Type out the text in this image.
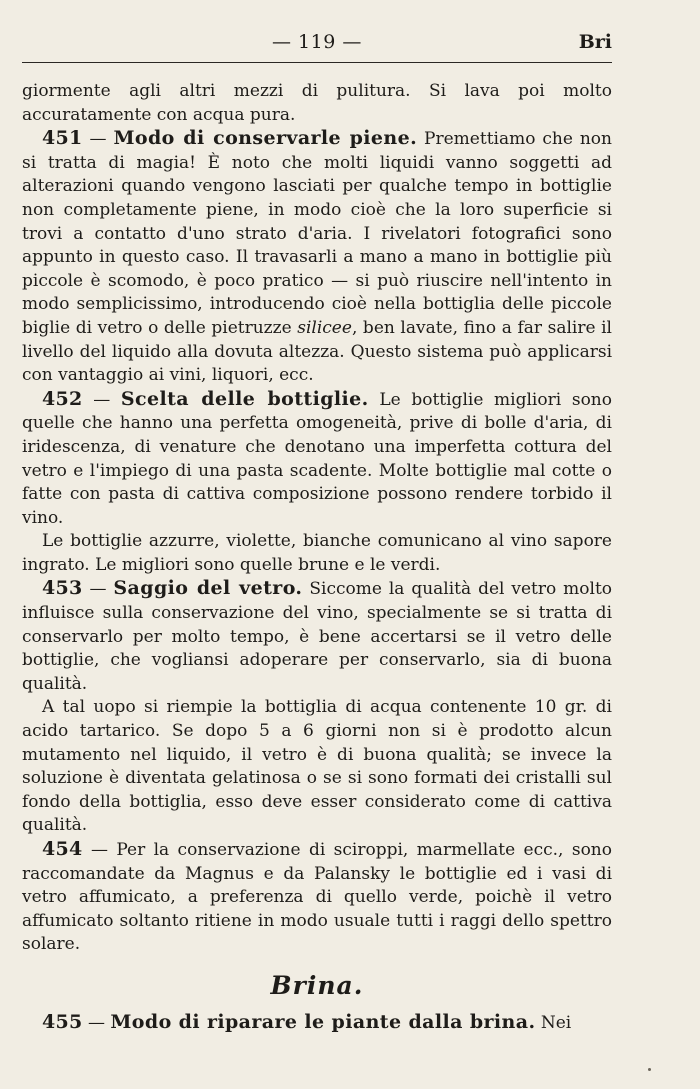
— 119 —	Bri

giormente agli altri mezzi di pulitura. Si lava poi molto accuratamente con acqua pura.

451 — Modo di conservarle piene. Premettiamo che non si tratta di magia! È noto che molti liquidi vanno soggetti ad alterazioni quando vengono lasciati per qualche tempo in bottiglie non completamente piene, in modo cioè che la loro superficie si trovi a contatto d'uno strato d'aria. I rivelatori fotografici sono appunto in questo caso. Il travasarli a mano a mano in bottiglie più piccole è scomodo, è poco pratico — si può riuscire nell'intento in modo semplicissimo, introducendo cioè nella bottiglia delle piccole biglie di vetro o delle pietruzze silicee, ben lavate, fino a far salire il livello del liquido alla dovuta altezza. Questo sistema può applicarsi con vantaggio ai vini, liquori, ecc.

452 — Scelta delle bottiglie. Le bottiglie migliori sono quelle che hanno una perfetta omogeneità, prive di bolle d'aria, di iridescenza, di venature che denotano una imperfetta cottura del vetro e l'impiego di una pasta scadente. Molte bottiglie mal cotte o fatte con pasta di cattiva composizione possono rendere torbido il vino.

Le bottiglie azzurre, violette, bianche comunicano al vino sapore ingrato. Le migliori sono quelle brune e le verdi.

453 — Saggio del vetro. Siccome la qualità del vetro molto influisce sulla conservazione del vino, specialmente se si tratta di conservarlo per molto tempo, è bene accertarsi se il vetro delle bottiglie, che vogliansi adoperare per conservarlo, sia di buona qualità.

A tal uopo si riempie la bottiglia di acqua contenente 10 gr. di acido tartarico. Se dopo 5 a 6 giorni non si è prodotto alcun mutamento nel liquido, il vetro è di buona qualità; se invece la soluzione è diventata gelatinosa o se si sono formati dei cristalli sul fondo della bottiglia, esso deve esser considerato come di cattiva qualità.

454 — Per la conservazione di sciroppi, marmellate ecc., sono raccomandate da Magnus e da Palansky le bottiglie ed i vasi di vetro affumicato, a preferenza di quello verde, poichè il vetro affumicato soltanto ritiene in modo usuale tutti i raggi dello spettro solare.

Brina.

455 — Modo di riparare le piante dalla brina. Nei
